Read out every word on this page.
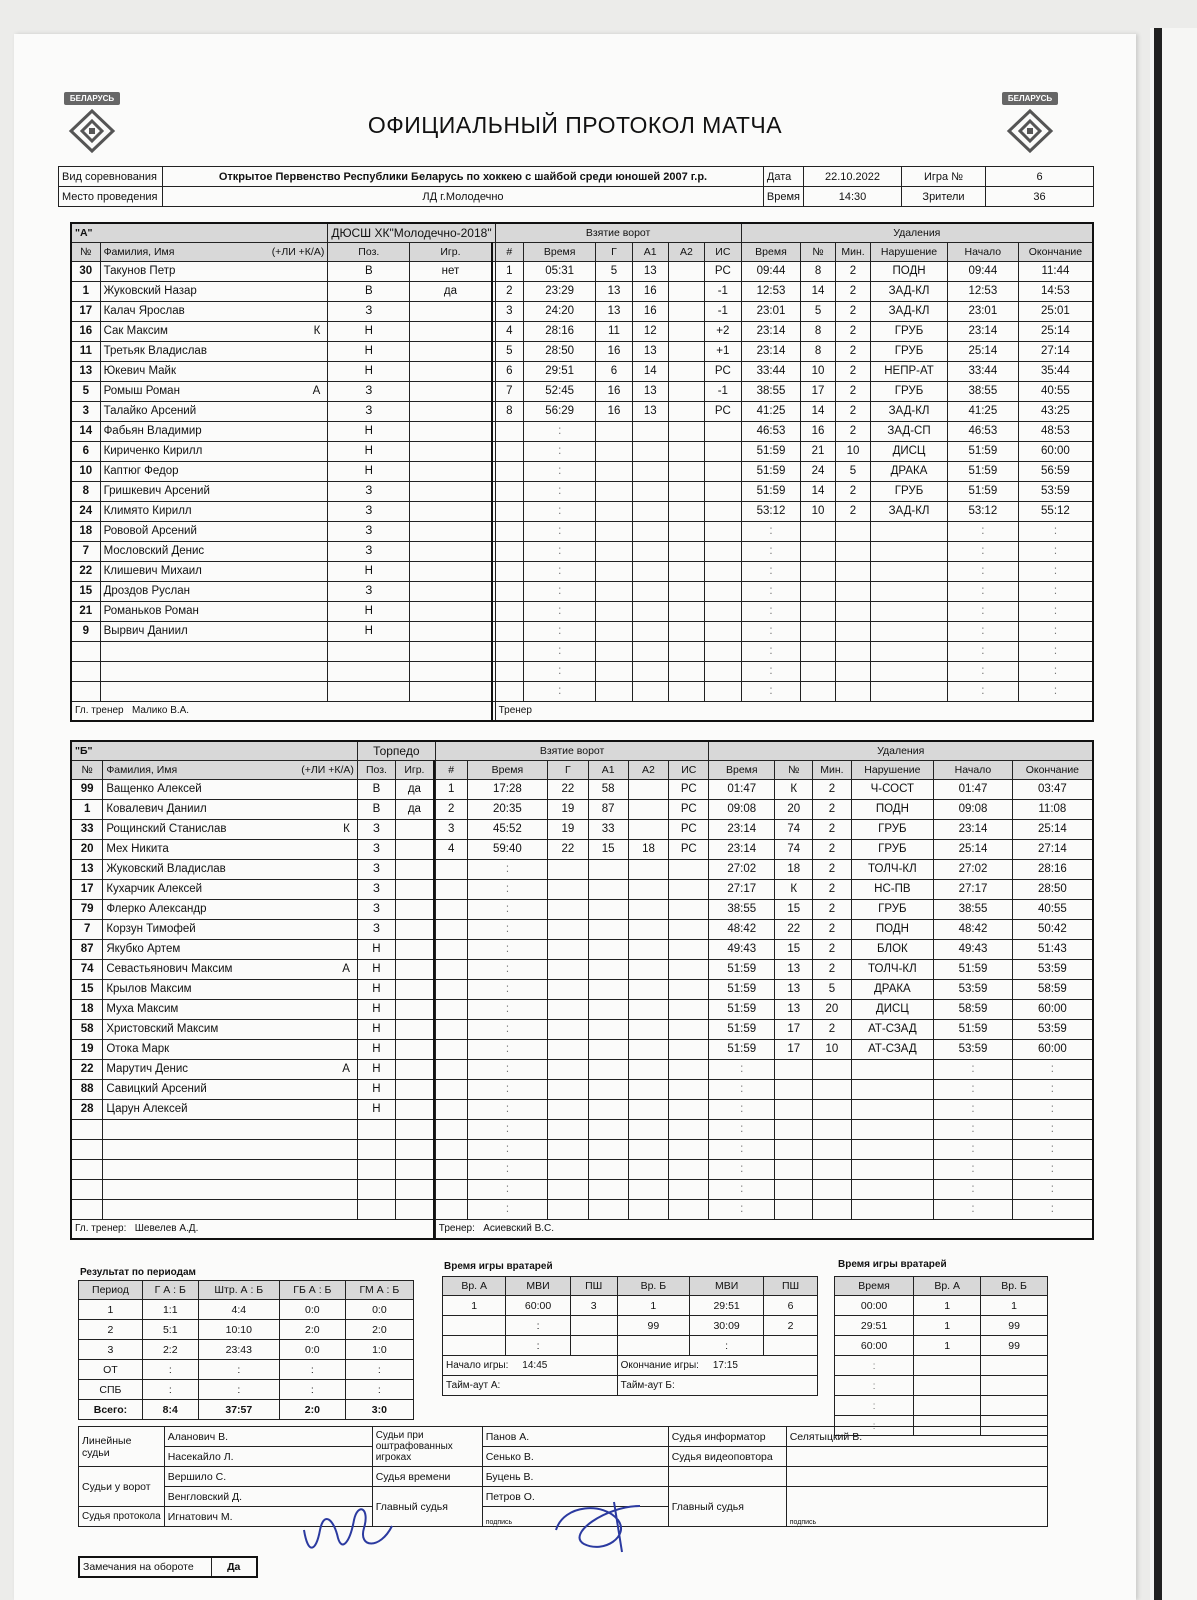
БЕЛАРУСЬ	БЕЛАРУСЬ
ОФИЦИАЛЬНЫЙ ПРОТОКОЛ МАТЧА
Вид соревнования	Открытое Первенство Республики Беларусь по хоккею с шайбой среди юношей 2007 г.р.	Дата	22.10.2022	Игра №	6
Место проведения	ЛД г.Молодечно	Время	14:30	Зрители	36
"А"		ДЮСШ ХК"Молодечно-2018"			Взятие ворот						Удаления					
№	Фамилия, Имя (+ЛИ +К/А)	Поз.	Игр.		#	Время	Г	А1	А2	ИС	Время	№	Мин.	Нарушение	Начало	Окончание
30	Такунов Петр	В	нет		1	05:31	5	13		РС	09:44	8	2	ПОДН	09:44	11:44
1	Жуковский Назар	В	да		2	23:29	13	16		-1	12:53	14	2	ЗАД-КЛ	12:53	14:53
17	Калач Ярослав	З			3	24:20	13	16		-1	23:01	5	2	ЗАД-КЛ	23:01	25:01
16	Сак Максим К	Н			4	28:16	11	12		+2	23:14	8	2	ГРУБ	23:14	25:14
11	Третьяк Владислав	Н			5	28:50	16	13		+1	23:14	8	2	ГРУБ	25:14	27:14
13	Юкевич Майк	Н			6	29:51	6	14		РС	33:44	10	2	НЕПР-АТ	33:44	35:44
5	Ромыш Роман А	З			7	52:45	16	13		-1	38:55	17	2	ГРУБ	38:55	40:55
3	Талайко Арсений	З			8	56:29	16	13		РС	41:25	14	2	ЗАД-КЛ	41:25	43:25
14	Фабьян Владимир	Н				:					46:53	16	2	ЗАД-СП	46:53	48:53
6	Кириченко Кирилл	Н				:					51:59	21	10	ДИСЦ	51:59	60:00
10	Каптюг Федор	Н				:					51:59	24	5	ДРАКА	51:59	56:59
8	Гришкевич Арсений	З				:					51:59	14	2	ГРУБ	51:59	53:59
24	Климято Кирилл	З				:					53:12	10	2	ЗАД-КЛ	53:12	55:12
18	Рововой Арсений	З				:					:				:	:
7	Мословский Денис	З				:					:				:	:
22	Клишевич Михаил	Н				:					:				:	:
15	Дроздов Руслан	З				:					:				:	:
21	Романьков Роман	Н				:					:				:	:
9	Вырвич Даниил	Н				:					:				:	:
						:					:				:	:
						:					:				:	:
						:					:				:	:
Гл. тренер Малико В.А.					Тренер											
"Б"		Торпедо		Взятие ворот						Удаления					
№	Фамилия, Имя (+ЛИ +К/А)	Поз.	Игр.		#	Время	Г	А1	А2	ИС	Время	№	Мин.	Нарушение	Начало	Окончание
99	Ващенко Алексей	В	да		1	17:28	22	58		РС	01:47	К	2	Ч-СОСТ	01:47	03:47
1	Ковалевич Даниил	В	да		2	20:35	19	87		РС	09:08	20	2	ПОДН	09:08	11:08
33	Рощинский Станислав К	З			3	45:52	19	33		РС	23:14	74	2	ГРУБ	23:14	25:14
20	Мех Никита	З			4	59:40	22	15	18	РС	23:14	74	2	ГРУБ	25:14	27:14
13	Жуковский Владислав	З				:					27:02	18	2	ТОЛЧ-КЛ	27:02	28:16
17	Кухарчик Алексей	З				:					27:17	К	2	НС-ПВ	27:17	28:50
79	Флерко Александр	З				:					38:55	15	2	ГРУБ	38:55	40:55
7	Корзун Тимофей	З				:					48:42	22	2	ПОДН	48:42	50:42
87	Якубко Артем	Н				:					49:43	15	2	БЛОК	49:43	51:43
74	Севастьянович Максим А	Н				:					51:59	13	2	ТОЛЧ-КЛ	51:59	53:59
15	Крылов Максим	Н				:					51:59	13	5	ДРАКА	53:59	58:59
18	Муха Максим	Н				:					51:59	13	20	ДИСЦ	58:59	60:00
58	Христовский Максим	Н				:					51:59	17	2	АТ-СЗАД	51:59	53:59
19	Отока Марк	Н				:					51:59	17	10	АТ-СЗАД	53:59	60:00
22	Марутич Денис А	Н				:					:				:	:
88	Савицкий Арсений	Н				:					:				:	:
28	Царун Алексей	Н				:					:				:	:
						:					:				:	:
						:					:				:	:
						:					:				:	:
						:					:				:	:
						:					:				:	:
Гл. тренер: Шевелев А.Д.				Тренер: Асиевский В.С.											
Результат по периодам
Период	Г А : Б	Штр. А : Б	ГБ А : Б	ГМ А : Б
1	1:1	4:4	0:0	0:0
2	5:1	10:10	2:0	2:0
3	2:2	23:43	0:0	1:0
ОТ	:	:	:	:
СПБ	:	:	:	:
Всего:	8:4	37:57	2:0	3:0
Время игры вратарей
Вр. А	МВИ	ПШ	Вр. Б	МВИ	ПШ
1	60:00	3	1	29:51	6
	:		99	30:09	2
	:			:	
Начало игры: 14:45			Окончание игры: 17:15		
Тайм-аут А:			Тайм-аут Б:		
Время игры вратарей
Время	Вр. А	Вр. Б
00:00	1	1
29:51	1	99
60:00	1	99
:		
:		
:		
:		
Линейные судьи	Аланович В.	Судьи при оштрафованных игроках	Панов А.	Судья информатор	Селятыцкий В.
	Насекайло Л.		Сенько В.	Судья видеоповтора	
Судьи у ворот	Вершило С.	Судья времени	Буцень В.		
	Венгловский Д.	Главный судья	Петров О.	Главный судья	подпись
Судья протокола	Игнатович М.		подпись		
Замечания на обороте	Да
